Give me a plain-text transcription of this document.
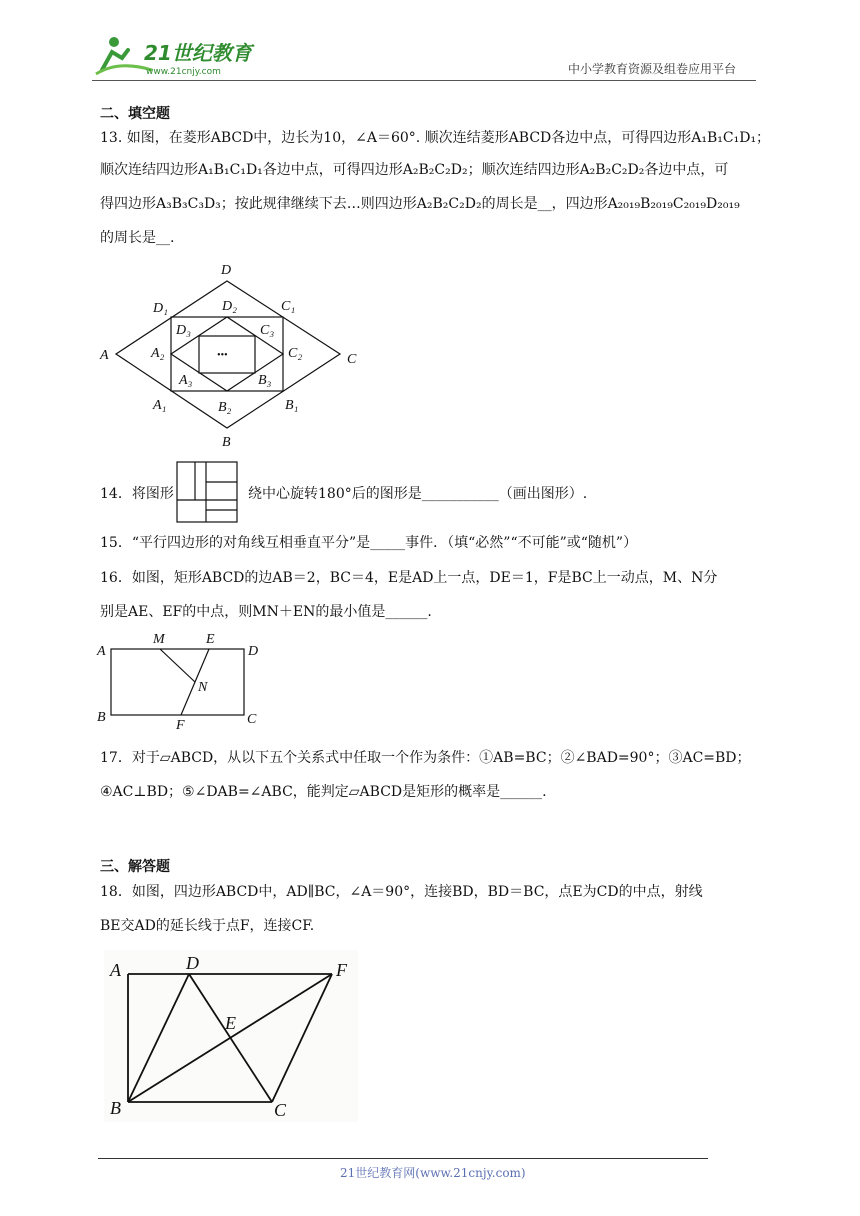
21世纪教育
www.21cnjy.com	中小学教育资源及组卷应用平台
二、填空题
13. 如图，在菱形ABCD中，边长为10，∠A＝60°. 顺次连结菱形ABCD各边中点，可得四边形A₁B₁C₁D₁；
顺次连结四边形A₁B₁C₁D₁各边中点，可得四边形A₂B₂C₂D₂；顺次连结四边形A₂B₂C₂D₂各边中点，可
得四边形A₃B₃C₃D₃；按此规律继续下去…则四边形A₂B₂C₂D₂的周长是__，四边形A₂₀₁₉B₂₀₁₉C₂₀₁₉D₂₀₁₉
的周长是__.
A
B
C
D
D₁	D₂	C₁
D₃	C₃
A₂	C₂
A₃	B₃
A₁	B₂	B₁
•••
14．将图形	绕中心旋转180°后的图形是___________（画出图形）.
15．“平行四边形的对角线互相垂直平分”是_____事件．（填“必然”“不可能”或“随机”）
16．如图，矩形ABCD的边AB＝2，BC＝4，E是AD上一点，DE＝1，F是BC上一动点，M、N分
别是AE、EF的中点，则MN＋EN的最小值是______.
A
B	C
D
E
F
M
N
17．对于▱ABCD，从以下五个关系式中任取一个作为条件：①AB=BC；②∠BAD=90°；③AC=BD；
④AC⊥BD；⑤∠DAB=∠ABC，能判定▱ABCD是矩形的概率是______.
三、解答题
18．如图，四边形ABCD中，AD∥BC，∠A＝90°，连接BD，BD＝BC，点E为CD的中点，射线
BE交AD的延长线于点F，连接CF.
A
B	C
D
E
F
21世纪教育网(www.21cnjy.com)
